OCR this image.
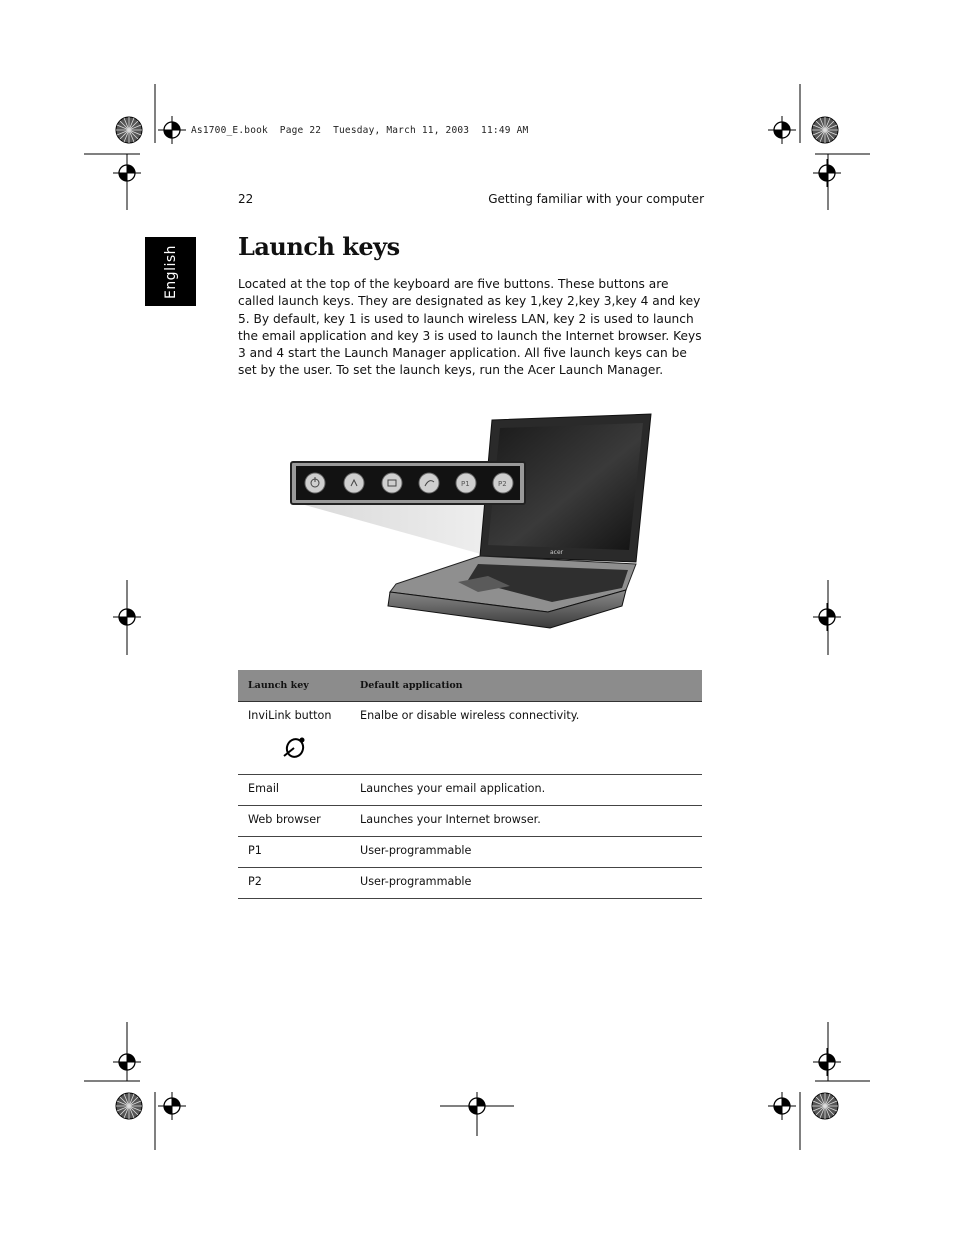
As1700_E.book  Page 22  Tuesday, March 11, 2003  11:49 AM
22	Getting familiar with your computer
English Launch keys

Located at the top of the keyboard are five buttons. These buttons are called launch keys. They are designated as key 1,key 2,key 3,key 4 and key 5. By default, key 1 is used to launch wireless LAN, key 2 is used to launch the email application and key 3 is used to launch the Internet browser. Keys 3 and 4 start the Launch Manager application. All five launch keys can be set by the user. To set the launch keys, run the Acer Launch Manager.

acer
P1	P2
Launch key	Default application
InviLink button	Enalbe or disable wireless connectivity.
Email	Launches your email application.
Web browser	Launches your Internet browser.
P1	User-programmable
P2	User-programmable
